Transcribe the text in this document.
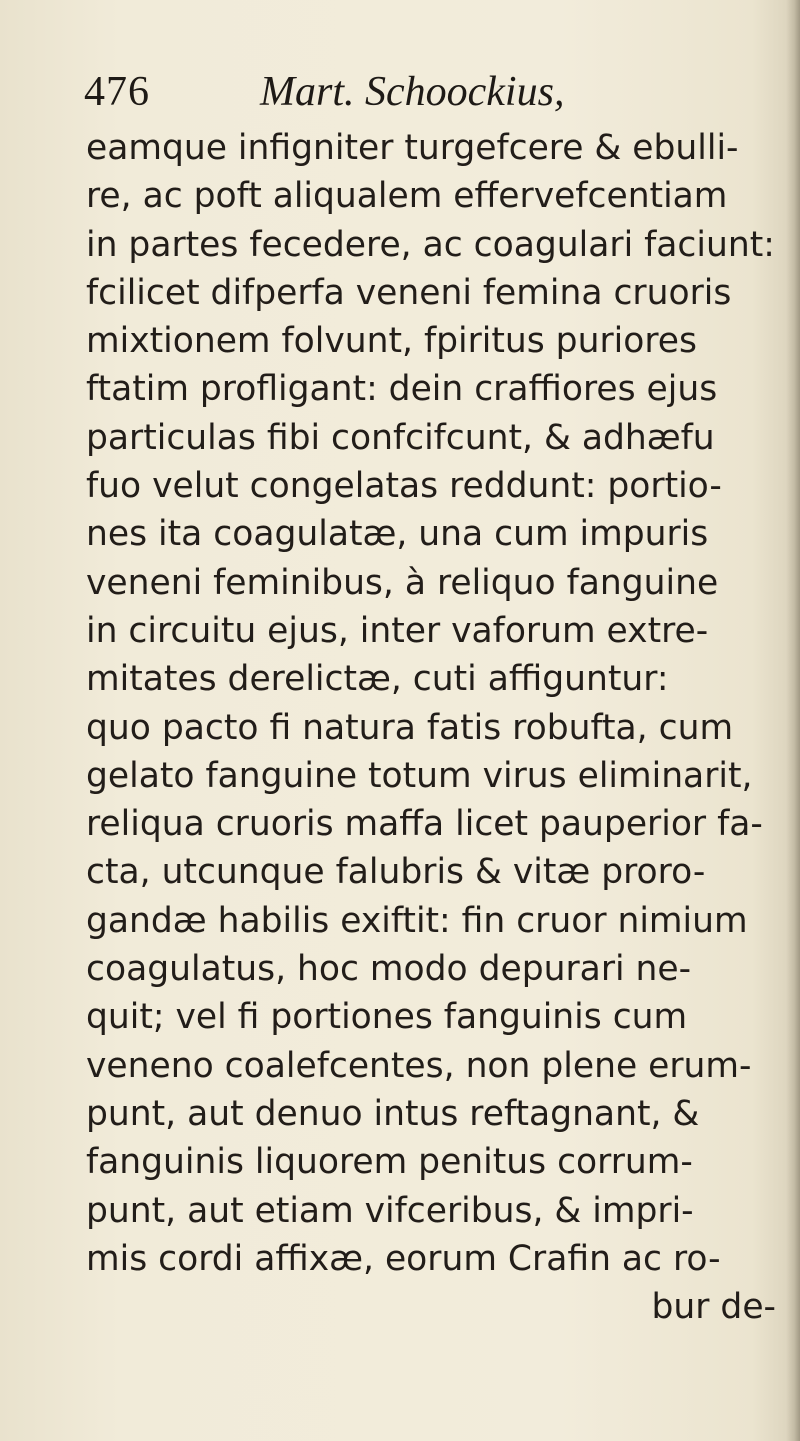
476	Mart. Schoockius,
eamque infigniter turgefcere & ebulli-
re, ac poft aliqualem effervefcentiam
in partes fecedere, ac coagulari faciunt:
fcilicet difperfa veneni femina cruoris
mixtionem folvunt, fpiritus puriores
ftatim profligant: dein craffiores ejus
particulas fibi confcifcunt, & adhæfu
fuo velut congelatas reddunt: portio-
nes ita coagulatæ, una cum impuris
veneni feminibus, à reliquo fanguine
in circuitu ejus, inter vaforum extre-
mitates derelictæ, cuti affiguntur:
quo pacto fi natura fatis robufta, cum
gelato fanguine totum virus eliminarit,
reliqua cruoris maffa licet pauperior fa-
cta, utcunque falubris & vitæ proro-
gandæ habilis exiftit: fin cruor nimium
coagulatus, hoc modo depurari ne-
quit; vel fi portiones fanguinis cum
veneno coalefcentes, non plene erum-
punt, aut denuo intus reftagnant, &
fanguinis liquorem penitus corrum-
punt, aut etiam vifceribus, & impri-
mis cordi affixæ, eorum Crafin ac ro-
bur de-
